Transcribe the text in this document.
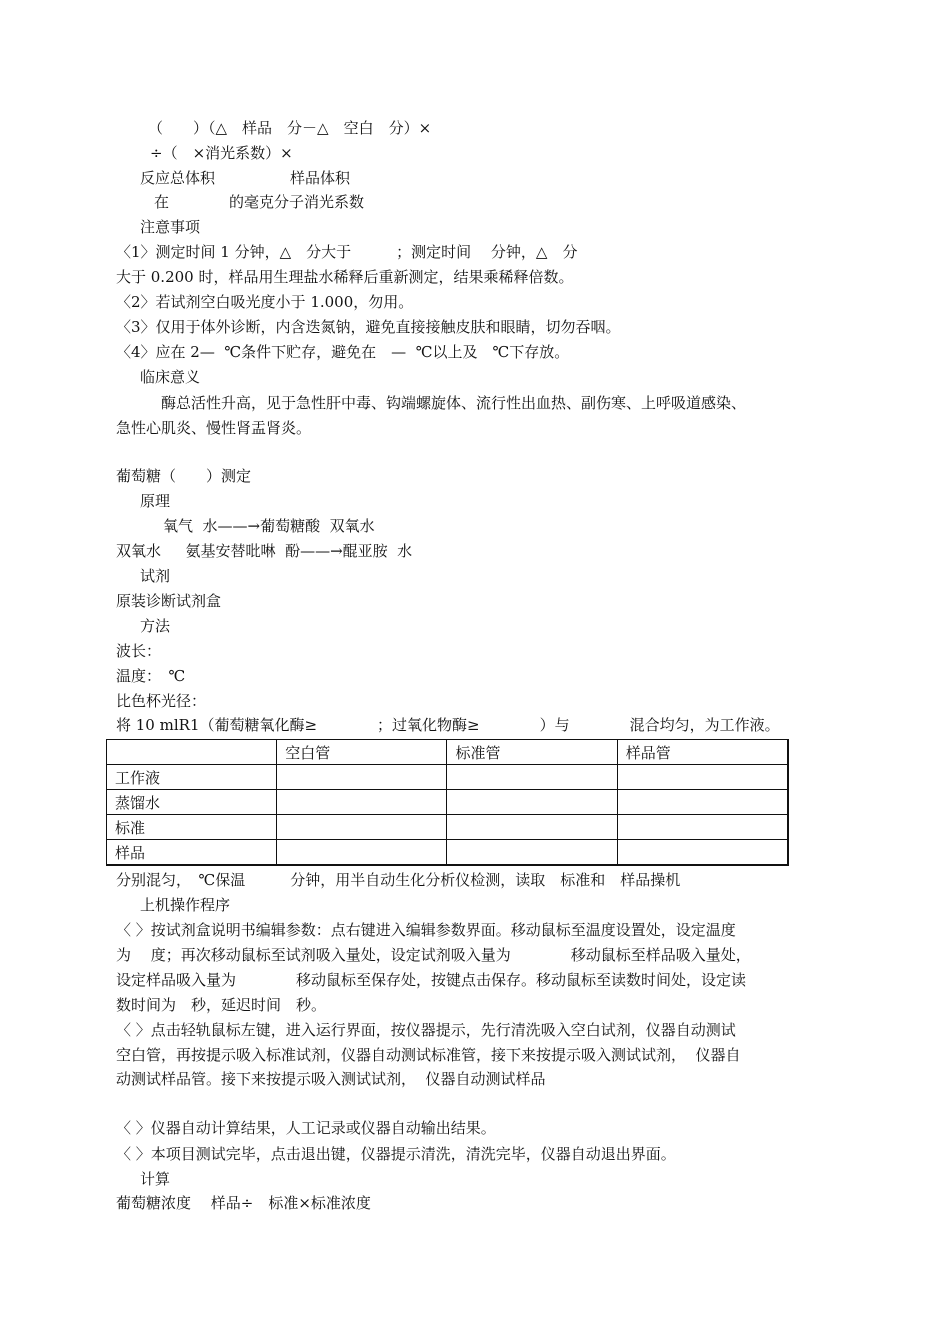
（　　）（△　样品　分－△　空白　分）×
÷（　×消光系数）×
反应总体积　　　　　样品体积
在　　　　的毫克分子消光系数
注意事项
〈1〉测定时间 1 分钟，△　分大于　　　；测定时间　 分钟，△　分
大于 0.200 时，样品用生理盐水稀释后重新测定，结果乘稀释倍数。
〈2〉若试剂空白吸光度小于 1.000，勿用。
〈3〉仅用于体外诊断，内含迭氮钠，避免直接接触皮肤和眼睛，切勿吞咽。
〈4〉应在 2—  ℃条件下贮存，避免在　—  ℃以上及　℃下存放。
临床意义
　　　酶总活性升高，见于急性肝中毒、钩端螺旋体、流行性出血热、副伤寒、上呼吸道感染、
急性心肌炎、慢性肾盂肾炎。
葡萄糖（　　）测定
原理
　氧气  水——→葡萄糖酸  双氧水
双氧水　  氨基安替吡啉  酚——→醌亚胺  水
试剂
原装诊断试剂盒
方法
波长：
温度：　℃
比色杯光径：
将 10 mlR1（葡萄糖氧化酶≥　　　　；过氧化物酶≥　　　　）与　　　　混合均匀，为工作液。
	空白管	标准管	样品管
工作液			
蒸馏水			
标准			
样品			
分别混匀，　℃保温　　　分钟，用半自动生化分析仪检测，读取　标准和　样品操机
上机操作程序
〈 〉按试剂盒说明书编辑参数：点右键进入编辑参数界面。移动鼠标至温度设置处，设定温度
为　 度；再次移动鼠标至试剂吸入量处，设定试剂吸入量为　　　　移动鼠标至样品吸入量处，
设定样品吸入量为　　　　移动鼠标至保存处，按键点击保存。移动鼠标至读数时间处，设定读
数时间为　秒，延迟时间　秒。
〈 〉点击轻轨鼠标左键，进入运行界面，按仪器提示，先行清洗吸入空白试剂，仪器自动测试
空白管，再按提示吸入标准试剂，仪器自动测试标准管，接下来按提示吸入测试试剂，  仪器自
动测试样品管。接下来按提示吸入测试试剂，  仪器自动测试样品
〈 〉仪器自动计算结果，人工记录或仪器自动输出结果。
〈 〉本项目测试完毕，点击退出键，仪器提示清洗，清洗完毕，仪器自动退出界面。
计算
葡萄糖浓度　 样品÷　标准×标准浓度
